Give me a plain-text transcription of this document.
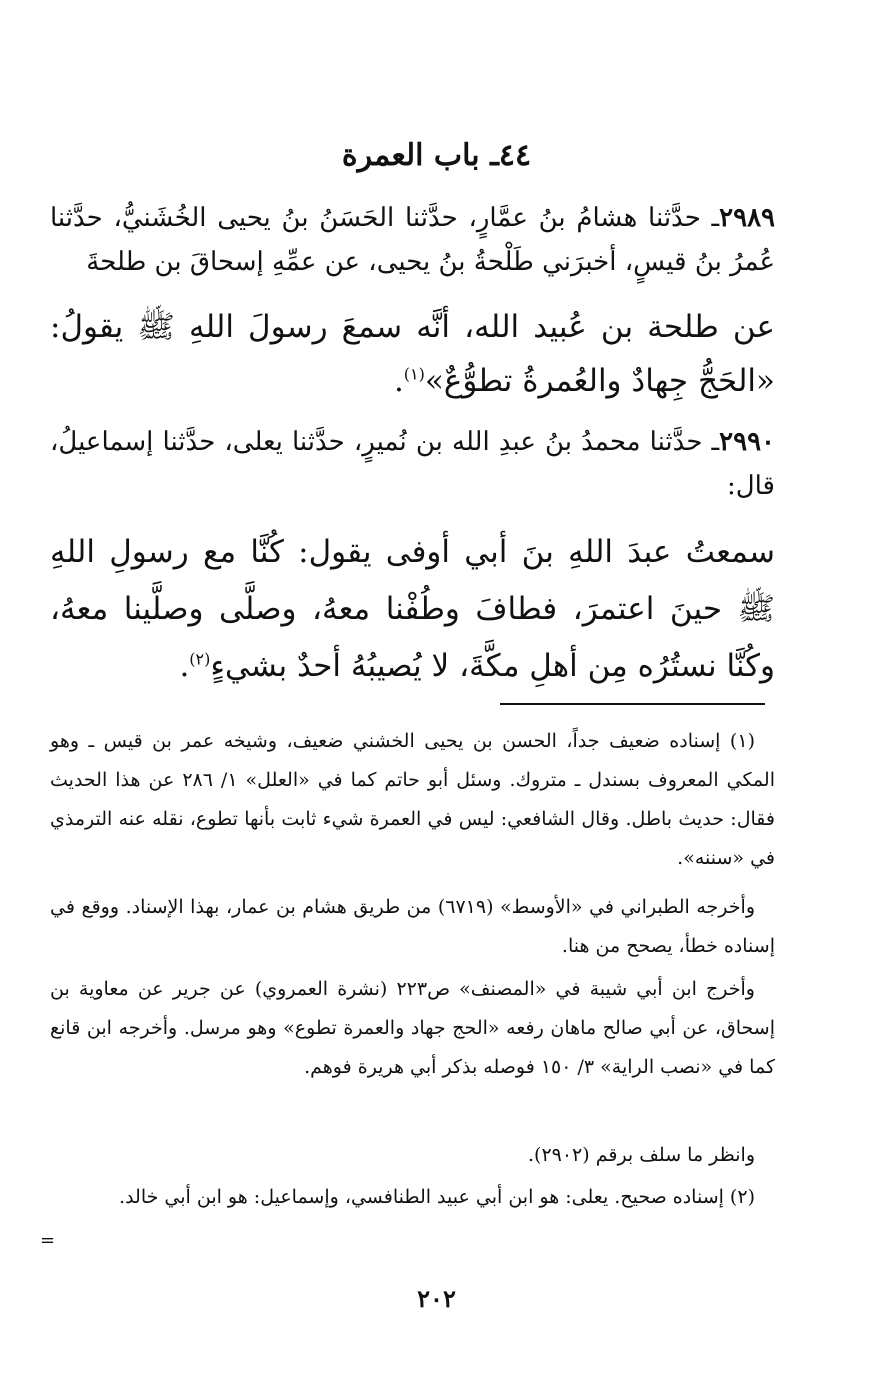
٤٤ـ باب العمرة

٢٩٨٩ـ حدَّثنا هشامُ بنُ عمَّارٍ، حدَّثنا الحَسَنُ بنُ يحيى الخُشَنيُّ، حدَّثنا عُمرُ بنُ قيسٍ، أخبرَني طَلْحةُ بنُ يحيى، عن عمِّهِ إسحاقَ بن طلحةَ

عن طلحة بن عُبيد الله، أنَّه سمعَ رسولَ اللهِ ﷺ يقولُ: «الحَجُّ جِهادٌ والعُمرةُ تطوُّعٌ»$^{(١)}$.

٢٩٩٠ـ حدَّثنا محمدُ بنُ عبدِ الله بن نُميرٍ، حدَّثنا يعلى، حدَّثنا إسماعيلُ، قال:

سمعتُ عبدَ اللهِ بنَ أبي أوفى يقول: كُنَّا مع رسولِ اللهِ ﷺ حينَ اعتمرَ، فطافَ وطُفْنا معهُ، وصلَّى وصلَّينا معهُ، وكُنَّا نستُرُه مِن أهلِ مكَّةَ، لا يُصيبُهُ أحدٌ بشيءٍ$^{(٢)}$.

(١) إسناده ضعيف جداً، الحسن بن يحيى الخشني ضعيف، وشيخه عمر بن قيس ـ وهو المكي المعروف بسندل ـ متروك. وسئل أبو حاتم كما في «العلل» ١/ ٢٨٦ عن هذا الحديث فقال: حديث باطل. وقال الشافعي: ليس في العمرة شيء ثابت بأنها تطوع، نقله عنه الترمذي في «سننه».

وأخرجه الطبراني في «الأوسط» (٦٧١٩) من طريق هشام بن عمار، بهذا الإسناد. ووقع في إسناده خطأ، يصحح من هنا.

وأخرج ابن أبي شيبة في «المصنف» ص٢٢٣ (نشرة العمروي) عن جرير عن معاوية بن إسحاق، عن أبي صالح ماهان رفعه «الحج جهاد والعمرة تطوع» وهو مرسل. وأخرجه ابن قانع كما في «نصب الراية» ٣/ ١٥٠ فوصله بذكر أبي هريرة فوهم.

وانظر ما سلف برقم (٢٩٠٢).

(٢) إسناده صحيح. يعلى: هو ابن أبي عبيد الطنافسي، وإسماعيل: هو ابن أبي خالد.

=
٢٠٢
